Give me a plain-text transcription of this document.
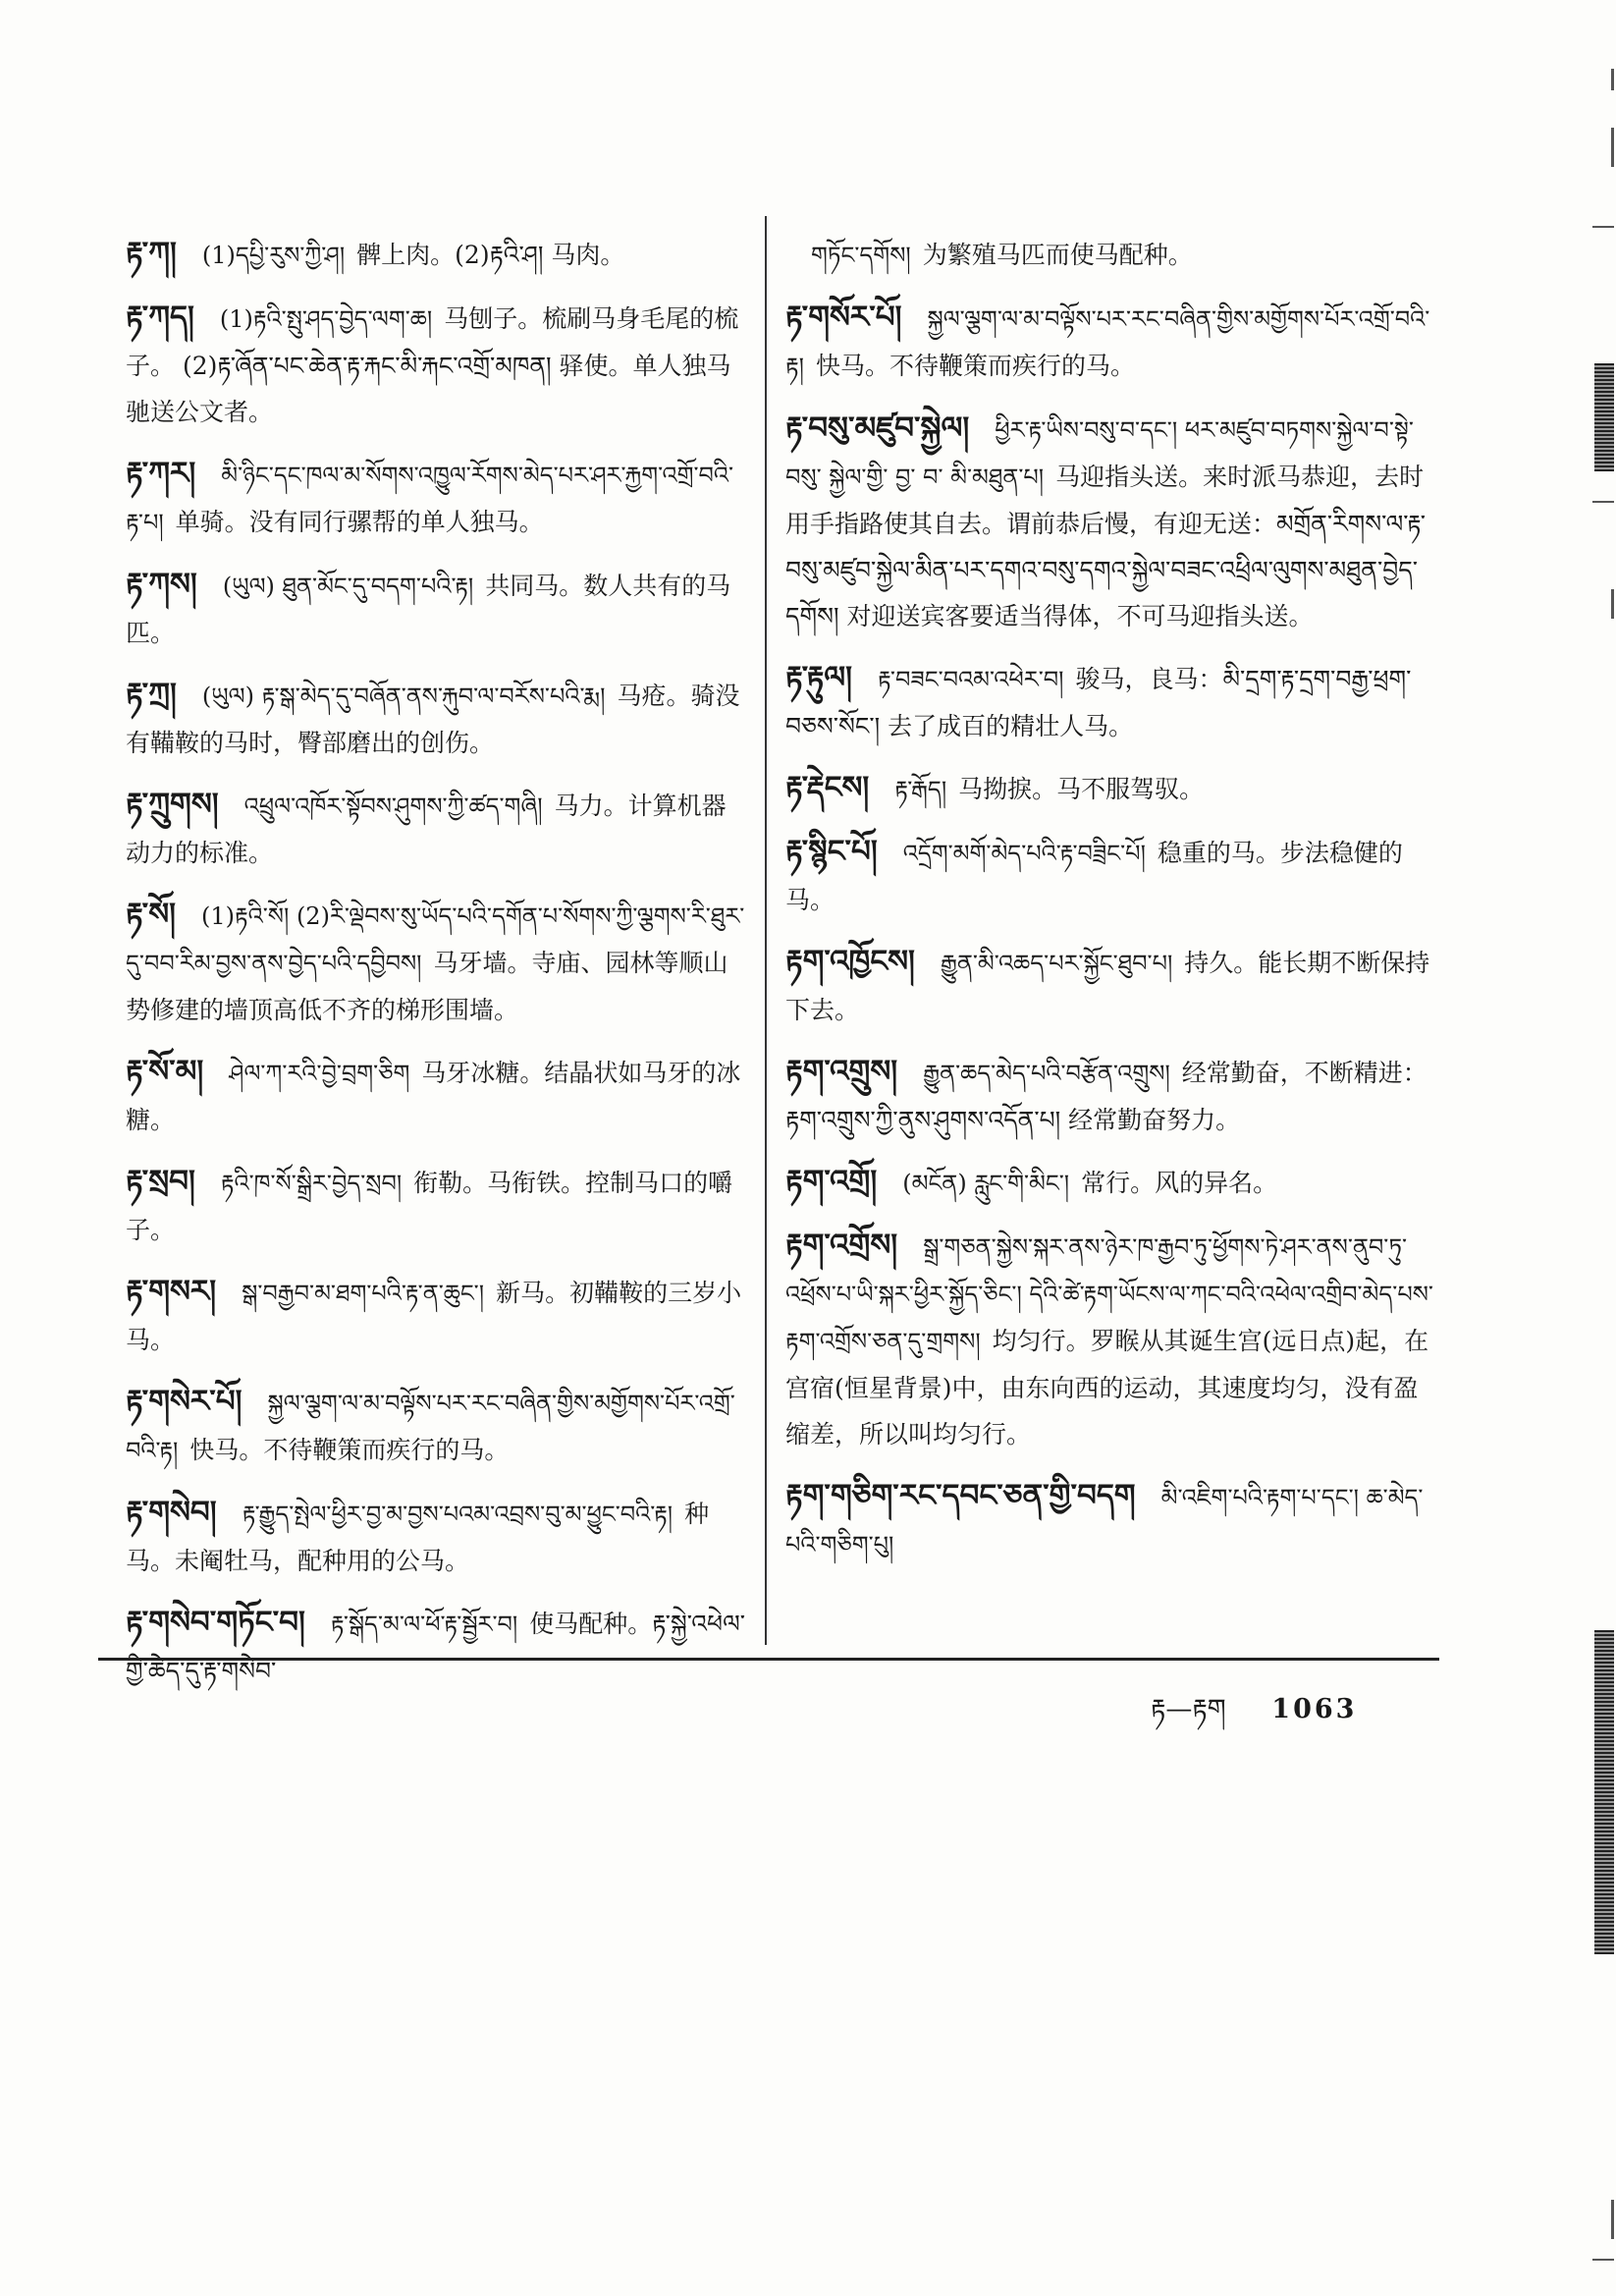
རྟ་ཀ། (1)དཔྱི་རུས་ཀྱི་ཤ། 髀上肉。(2)རྟའི་ཤ། 马肉。
རྟ་ཀད། (1)རྟའི་སྤུ་ཤད་བྱེད་ལག་ཆ། 马刨子。梳刷马身毛尾的梳子。 (2)རྟ་ཞོན་པང་ཆེན་རྟ་རྐང་མི་རྐང་འགྲོ་མཁན། 驿使。单人独马驰送公文者。
རྟ་ཀར། མི་ཉིང་དང་ཁལ་མ་སོགས་འཁྱུལ་ཪོགས་མེད་པར་ཤར་རྐྱག་འགྲོ་བའི་རྟ་པ། 单骑。没有同行骡帮的单人独马。
རྟ་ཀས། (ཡུལ) ཐུན་མོང་དུ་བདག་པའི་རྟ། 共同马。数人共有的马匹。
རྟ་ཀྲ། (ཡུལ) རྟ་སྒ་མེད་དུ་བཞོན་ནས་རྐུབ་ལ་བཪོས་པའི་རྨ། 马疮。骑没有鞴鞍的马时，臀部磨出的创伤。
རྟ་ཀྲུགས། འཕྲུལ་འཁོར་སྟོབས་ཤུགས་ཀྱི་ཚད་གཞི། 马力。计算机器动力的标准。
རྟ་སོ། (1)རྟའི་སོ། (2)རི་ལྡེབས་སུ་ཡོད་པའི་དགོན་པ་སོགས་ཀྱི་ལྕགས་རི་ཐུར་དུ་བབ་རིམ་བྱས་ནས་བྱེད་པའི་དབྱིབས། 马牙墙。寺庙、园林等顺山势修建的墙顶高低不齐的梯形围墙。
རྟ་སོ་མ། ཤེལ་ཀ་རའི་བྱེ་བྲག་ཅིག 马牙冰糖。结晶状如马牙的冰糖。
རྟ་སྲབ། རྟའི་ཁ་སོ་སྒྲིར་བྱེད་སྲབ། 衔勒。马衔铁。控制马口的嚼子。
རྟ་གསར། སྒ་བརྒྱབ་མ་ཐག་པའི་རྟ་ན་ཆུང་། 新马。初鞴鞍的三岁小马。
རྟ་གསེར་པོ། སྐྱལ་ལྕག་ལ་མ་བལྟོས་པར་རང་བཞིན་གྱིས་མགྱོགས་པོར་འགྲོ་བའི་རྟ། 快马。不待鞭策而疾行的马。
རྟ་གསེབ། རྟ་རྒྱུད་སྤེལ་ཕྱིར་བྱ་མ་བྱས་པའམ་འབྲས་བུ་མ་ཕྱུང་བའི་རྟ། 种马。未阉牡马，配种用的公马。
རྟ་གསེབ་གཏོང་བ། རྟ་སྒོད་མ་ལ་ཕོ་རྟ་སྦྱོར་བ། 使马配种。རྟ་སྐྱེ་འཕེལ་གྱི་ཆེད་དུ་རྟ་གསེབ་
གཏོང་དགོས། 为繁殖马匹而使马配种。
རྟ་གསོར་པོ། སྐྱལ་ལྕག་ལ་མ་བལྟོས་པར་རང་བཞིན་གྱིས་མགྱོགས་པོར་འགྲོ་བའི་རྟ། 快马。不待鞭策而疾行的马。
རྟ་བསུ་མཛུབ་སྐྱེལ། ཕྱིར་རྟ་ཡིས་བསུ་བ་དང་། ཕར་མཛུབ་བཏགས་སྐྱེལ་བ་སྟེ་ བསུ་ སྐྱེལ་གྱི་ བྱ་ བ་ མི་མཐུན་པ། 马迎指头送。来时派马恭迎，去时用手指路使其自去。谓前恭后慢，有迎无送：མགྲོན་རིགས་ལ་རྟ་བསུ་མཛུབ་སྐྱེལ་མིན་པར་དགའ་བསུ་དགའ་སྐྱེལ་བཟང་འཕྲིལ་ལུགས་མཐུན་བྱེད་དགོས། 对迎送宾客要适当得体，不可马迎指头送。
རྟ་རྟུལ། རྟ་བཟང་བའམ་འཕེར་བ། 骏马，良马：མི་དྲག་རྟ་དྲག་བརྒྱ་ཕྲག་བཅས་སོང་། 去了成百的精壮人马。
རྟ་རྡེངས། རྟ་རྒོད། 马拗捩。马不服驾驭。
རྟ་སྙིང་པོ། འདྲོག་མགོ་མེད་པའི་རྟ་བཟྲིང་པོ། 稳重的马。步法稳健的马。
རྟག་འཁྱོངས། རྒྱུན་མི་འཆད་པར་སྐྱོང་ཐུབ་པ། 持久。能长期不断保持下去。
རྟག་འགྲུས། རྒྱུན་ཆད་མེད་པའི་བརྩོན་འགྲུས། 经常勤奋，不断精进：རྟག་འགྲུས་ཀྱི་ནུས་ཤུགས་འདོན་པ། 经常勤奋努力。
རྟག་འགྲོ། (མངོན) རླུང་གི་མིང་། 常行。风的异名。
རྟག་འགྲོས། སྒྲ་གཅན་སྐྱེས་སྐར་ནས་ཉེར་ཁ་རྒྱབ་ཏུ་ཕྱོགས་ཏེ་ཤར་ནས་ནུབ་ཏུ་འཕྲོས་པ་ཡི་སྐར་ཕྱིར་སྐྱོད་ཅིང་། དེའི་ཚེ་རྟག་ཡོངས་ལ་ཀང་བའི་འཕེལ་འགྲིབ་མེད་པས་རྟག་འགྲོས་ཅན་དུ་གྲགས། 均匀行。罗睺从其诞生宫(远日点)起，在宫宿(恒星背景)中，由东向西的运动，其速度均匀，没有盈缩差，所以叫均匀行。
རྟག་གཅིག་རང་དབང་ཅན་གྱི་བདག མི་འཇིག་པའི་རྟག་པ་དང་། ཆ་མེད་པའི་གཅིག་པུ།
རྟ—རྟག 1063
